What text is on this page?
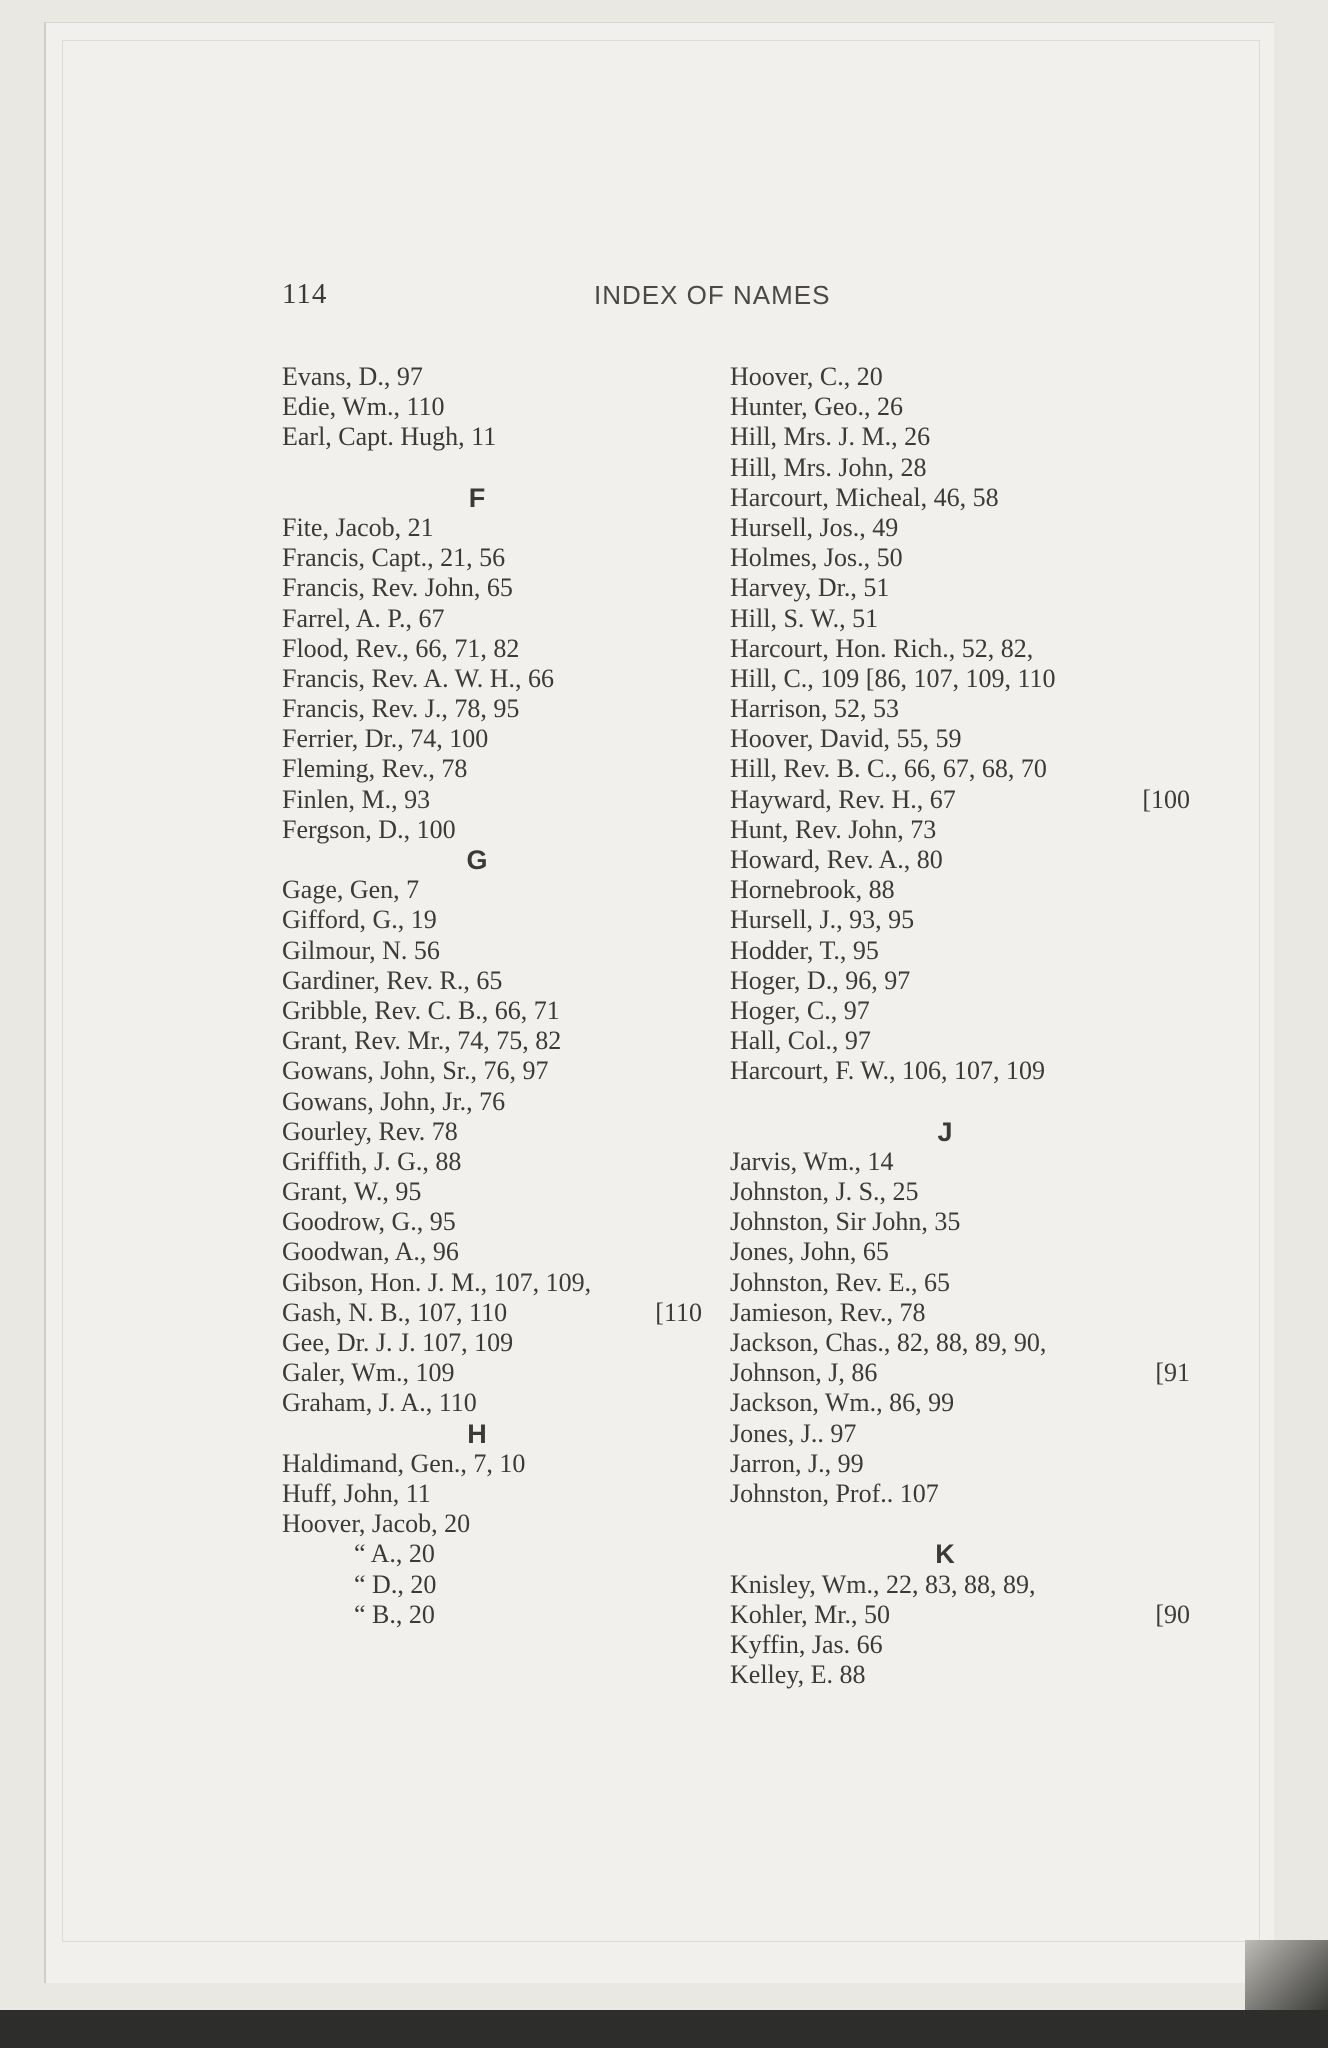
114	INDEX OF NAMES
Evans, D., 97
Edie, Wm., 110
Earl, Capt. Hugh, 11
F
Fite, Jacob, 21
Francis, Capt., 21, 56
Francis, Rev. John, 65
Farrel, A. P., 67
Flood, Rev., 66, 71, 82
Francis, Rev. A. W. H., 66
Francis, Rev. J., 78, 95
Ferrier, Dr., 74, 100
Fleming, Rev., 78
Finlen, M., 93
Fergson, D., 100
G
Gage, Gen, 7
Gifford, G., 19
Gilmour, N. 56
Gardiner, Rev. R., 65
Gribble, Rev. C. B., 66, 71
Grant, Rev. Mr., 74, 75, 82
Gowans, John, Sr., 76, 97
Gowans, John, Jr., 76
Gourley, Rev. 78
Griffith, J. G., 88
Grant, W., 95
Goodrow, G., 95
Goodwan, A., 96
Gibson, Hon. J. M., 107, 109,
Gash, N. B., 107, 110	[110
Gee, Dr. J. J. 107, 109
Galer, Wm., 109
Graham, J. A., 110
H
Haldimand, Gen., 7, 10
Huff, John, 11
Hoover, Jacob, 20
“ A., 20
“ D., 20
“ B., 20
Hoover, C., 20
Hunter, Geo., 26
Hill, Mrs. J. M., 26
Hill, Mrs. John, 28
Harcourt, Micheal, 46, 58
Hursell, Jos., 49
Holmes, Jos., 50
Harvey, Dr., 51
Hill, S. W., 51
Harcourt, Hon. Rich., 52, 82,
Hill, C., 109 [86, 107, 109, 110
Harrison, 52, 53
Hoover, David, 55, 59
Hill, Rev. B. C., 66, 67, 68, 70
Hayward, Rev. H., 67	[100
Hunt, Rev. John, 73
Howard, Rev. A., 80
Hornebrook, 88
Hursell, J., 93, 95
Hodder, T., 95
Hoger, D., 96, 97
Hoger, C., 97
Hall, Col., 97
Harcourt, F. W., 106, 107, 109
J
Jarvis, Wm., 14
Johnston, J. S., 25
Johnston, Sir John, 35
Jones, John, 65
Johnston, Rev. E., 65
Jamieson, Rev., 78
Jackson, Chas., 82, 88, 89, 90,
Johnson, J, 86	[91
Jackson, Wm., 86, 99
Jones, J.. 97
Jarron, J., 99
Johnston, Prof.. 107
K
Knisley, Wm., 22, 83, 88, 89,
Kohler, Mr., 50	[90
Kyffin, Jas. 66
Kelley, E. 88
